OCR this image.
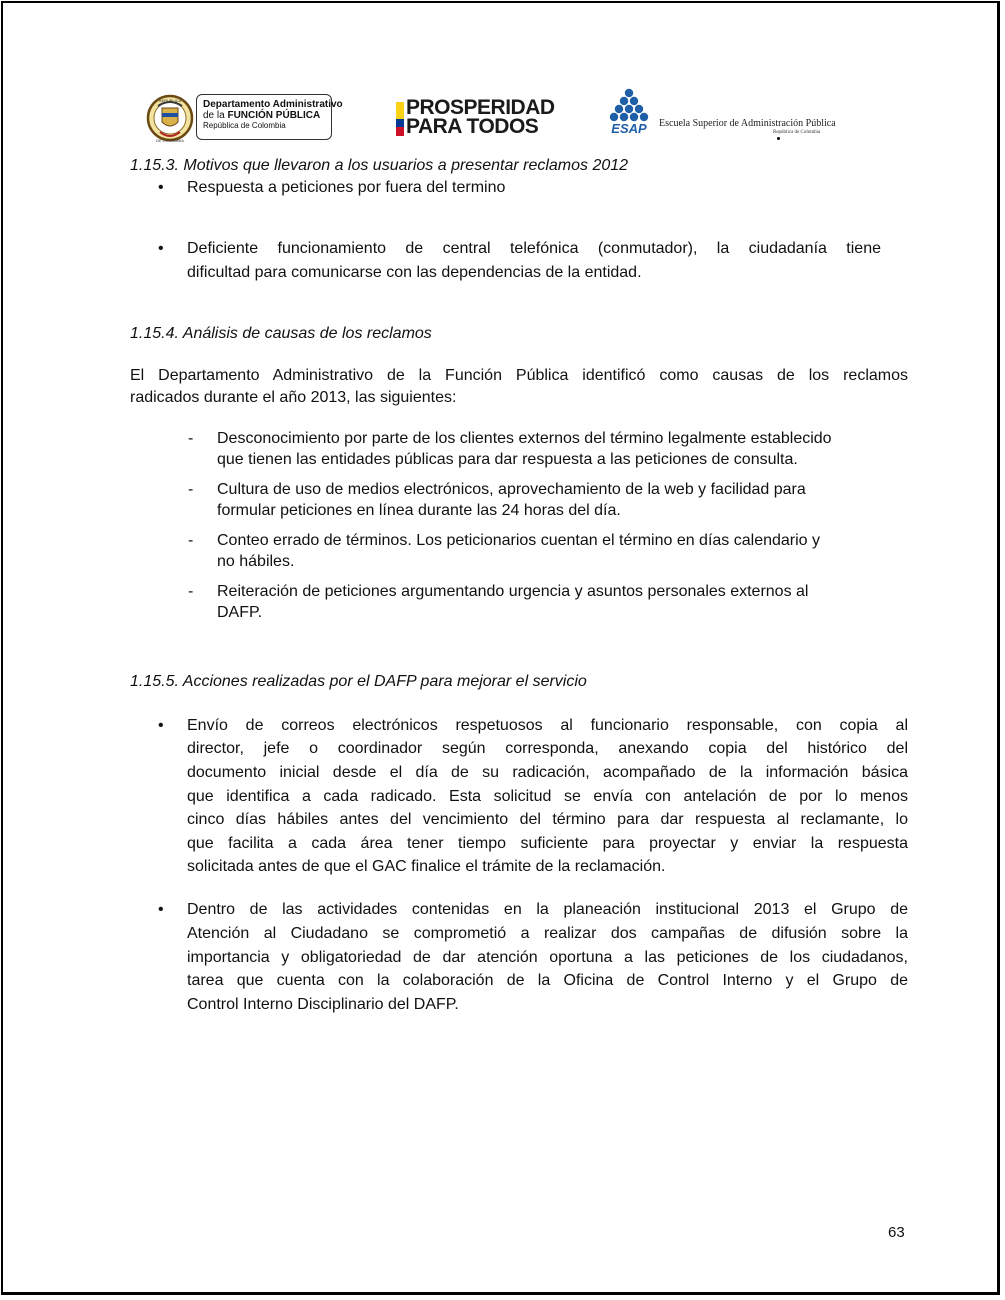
REPUBLICA
DE COLOMBIA
Departamento Administrativo
de la FUNCIÓN PÚBLICA
República de Colombia
PROSPERIDAD
PARA TODOS	ESAP Escuela Superior de Administración Pública
República de Colombia
1.15.3. Motivos que llevaron a los usuarios a presentar reclamos 2012
• Respuesta a peticiones por fuera del termino
• Deficiente funcionamiento de central telefónica (conmutador), la ciudadanía tiene
dificultad para comunicarse con las dependencias de la entidad.
1.15.4. Análisis de causas de los reclamos
El Departamento Administrativo de la Función Pública identificó como causas de los reclamos
radicados durante el año 2013, las siguientes:
- Desconocimiento por parte de los clientes externos del término legalmente establecido
que tienen las entidades públicas para dar respuesta a las peticiones de consulta.
- Cultura de uso de medios electrónicos, aprovechamiento de la web y facilidad para
formular peticiones en línea durante las 24 horas del día.
- Conteo errado de términos. Los peticionarios cuentan el término en días calendario y
no hábiles.
- Reiteración de peticiones argumentando urgencia y asuntos personales externos al
DAFP.
1.15.5. Acciones realizadas por el DAFP para mejorar el servicio
• Envío de correos electrónicos respetuosos al funcionario responsable, con copia al
director, jefe o coordinador según corresponda, anexando copia del histórico del
documento inicial desde el día de su radicación, acompañado de la información básica
que identifica a cada radicado. Esta solicitud se envía con antelación de por lo menos
cinco días hábiles antes del vencimiento del término para dar respuesta al reclamante, lo
que facilita a cada área tener tiempo suficiente para proyectar y enviar la respuesta
solicitada antes de que el GAC finalice el trámite de la reclamación.
• Dentro de las actividades contenidas en la planeación institucional 2013 el Grupo de
Atención al Ciudadano se comprometió a realizar dos campañas de difusión sobre la
importancia y obligatoriedad de dar atención oportuna a las peticiones de los ciudadanos,
tarea que cuenta con la colaboración de la Oficina de Control Interno y el Grupo de
Control Interno Disciplinario del DAFP.
63
